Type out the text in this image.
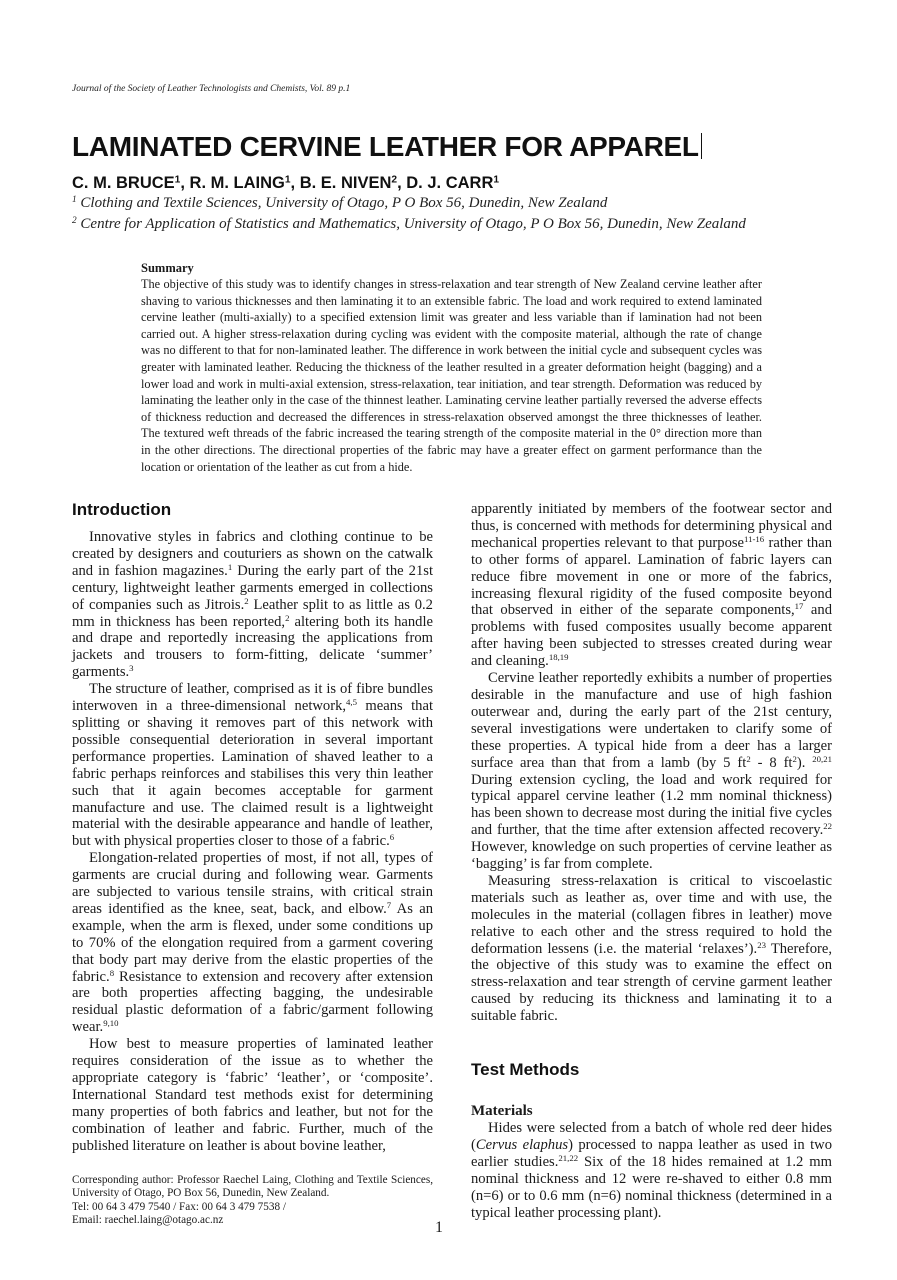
Journal of the Society of Leather Technologists and Chemists, Vol. 89 p.1
LAMINATED CERVINE LEATHER FOR APPAREL
C. M. BRUCE$^1$, R. M. LAING$^1$, B. E. NIVEN$^2$, D. J. CARR$^1$
$^1$ Clothing and Textile Sciences, University of Otago, P O Box 56, Dunedin, New Zealand
$^2$ Centre for Application of Statistics and Mathematics, University of Otago, P O Box 56, Dunedin, New Zealand
Summary

The objective of this study was to identify changes in stress-relaxation and tear strength of New Zealand cervine leather after shaving to various thicknesses and then laminating it to an extensible fabric. The load and work required to extend laminated cervine leather (multi-axially) to a specified extension limit was greater and less variable than if lamination had not been carried out. A higher stress-relaxation during cycling was evident with the composite material, although the rate of change was no different to that for non-laminated leather. The difference in work between the initial cycle and subsequent cycles was greater with laminated leather. Reducing the thickness of the leather resulted in a greater deformation height (bagging) and a lower load and work in multi-axial extension, stress-relaxation, tear initiation, and tear strength. Deformation was reduced by laminating the leather only in the case of the thinnest leather. Laminating cervine leather partially reversed the adverse effects of thickness reduction and decreased the differences in stress-relaxation observed amongst the three thicknesses of leather. The textured weft threads of the fabric increased the tearing strength of the composite material in the 0° direction more than in the other directions. The directional properties of the fabric may have a greater effect on garment performance than the location or orientation of the leather as cut from a hide.

Introduction

Innovative styles in fabrics and clothing continue to be created by designers and couturiers as shown on the catwalk and in fashion magazines.$^1$ During the early part of the 21st century, lightweight leather garments emerged in collections of companies such as Jitrois.$^2$ Leather split to as little as 0.2 mm in thickness has been reported,$^2$ altering both its handle and drape and reportedly increasing the applications from jackets and trousers to form-fitting, delicate ‘summer’ garments.$^3$

The structure of leather, comprised as it is of fibre bundles interwoven in a three-dimensional network,$^{4,5}$ means that splitting or shaving it removes part of this network with possible consequential deterioration in several important performance properties. Lamination of shaved leather to a fabric perhaps reinforces and stabilises this very thin leather such that it again becomes acceptable for garment manufacture and use. The claimed result is a lightweight material with the desirable appearance and handle of leather, but with physical properties closer to those of a fabric.$^6$

Elongation-related properties of most, if not all, types of garments are crucial during and following wear. Garments are subjected to various tensile strains, with critical strain areas identified as the knee, seat, back, and elbow.$^7$ As an example, when the arm is flexed, under some conditions up to 70% of the elongation required from a garment covering that body part may derive from the elastic properties of the fabric.$^8$ Resistance to extension and recovery after extension are both properties affecting bagging, the undesirable residual plastic deformation of a fabric/garment following wear.$^{9,10}$

How best to measure properties of laminated leather requires consideration of the issue as to whether the appropriate category is ‘fabric’ ‘leather’, or ‘composite’. International Standard test methods exist for determining many properties of both fabrics and leather, but not for the combination of leather and fabric. Further, much of the published literature on leather is about bovine leather,

apparently initiated by members of the footwear sector and thus, is concerned with methods for determining physical and mechanical properties relevant to that purpose$^{11-16}$ rather than to other forms of apparel. Lamination of fabric layers can reduce fibre movement in one or more of the fabrics, increasing flexural rigidity of the fused composite beyond that observed in either of the separate components,$^{17}$ and problems with fused composites usually become apparent after having been subjected to stresses created during wear and cleaning.$^{18,19}$

Cervine leather reportedly exhibits a number of properties desirable in the manufacture and use of high fashion outerwear and, during the early part of the 21st century, several investigations were undertaken to clarify some of these properties. A typical hide from a deer has a larger surface area than that from a lamb (by 5 $ft^2 - 8$ $ft^2$). $^{20,21}$ During extension cycling, the load and work required for typical apparel cervine leather (1.2 mm nominal thickness) has been shown to decrease most during the initial five cycles and further, that the time after extension affected recovery.$^{22}$ However, knowledge on such properties of cervine leather as ‘bagging’ is far from complete.

Measuring stress-relaxation is critical to viscoelastic materials such as leather as, over time and with use, the molecules in the material (collagen fibres in leather) move relative to each other and the stress required to hold the deformation lessens (i.e. the material ‘relaxes’).$^{23}$ Therefore, the objective of this study was to examine the effect on stress-relaxation and tear strength of cervine garment leather caused by reducing its thickness and laminating it to a suitable fabric.

Test Methods
Materials

Hides were selected from a batch of whole red deer hides (Cervus elaphus) processed to nappa leather as used in two earlier studies.$^{21,22}$ Six of the 18 hides remained at 1.2 mm nominal thickness and 12 were re-shaved to either 0.8 mm (n=6) or to 0.6 mm (n=6) nominal thickness (determined in a typical leather processing plant).

Corresponding author: Professor Raechel Laing, Clothing and Textile Sciences, University of Otago, PO Box 56, Dunedin, New Zealand.

Tel: 00 64 3 479 7540 / Fax: 00 64 3 479 7538 /

Email: raechel.laing@otago.ac.nz	1
